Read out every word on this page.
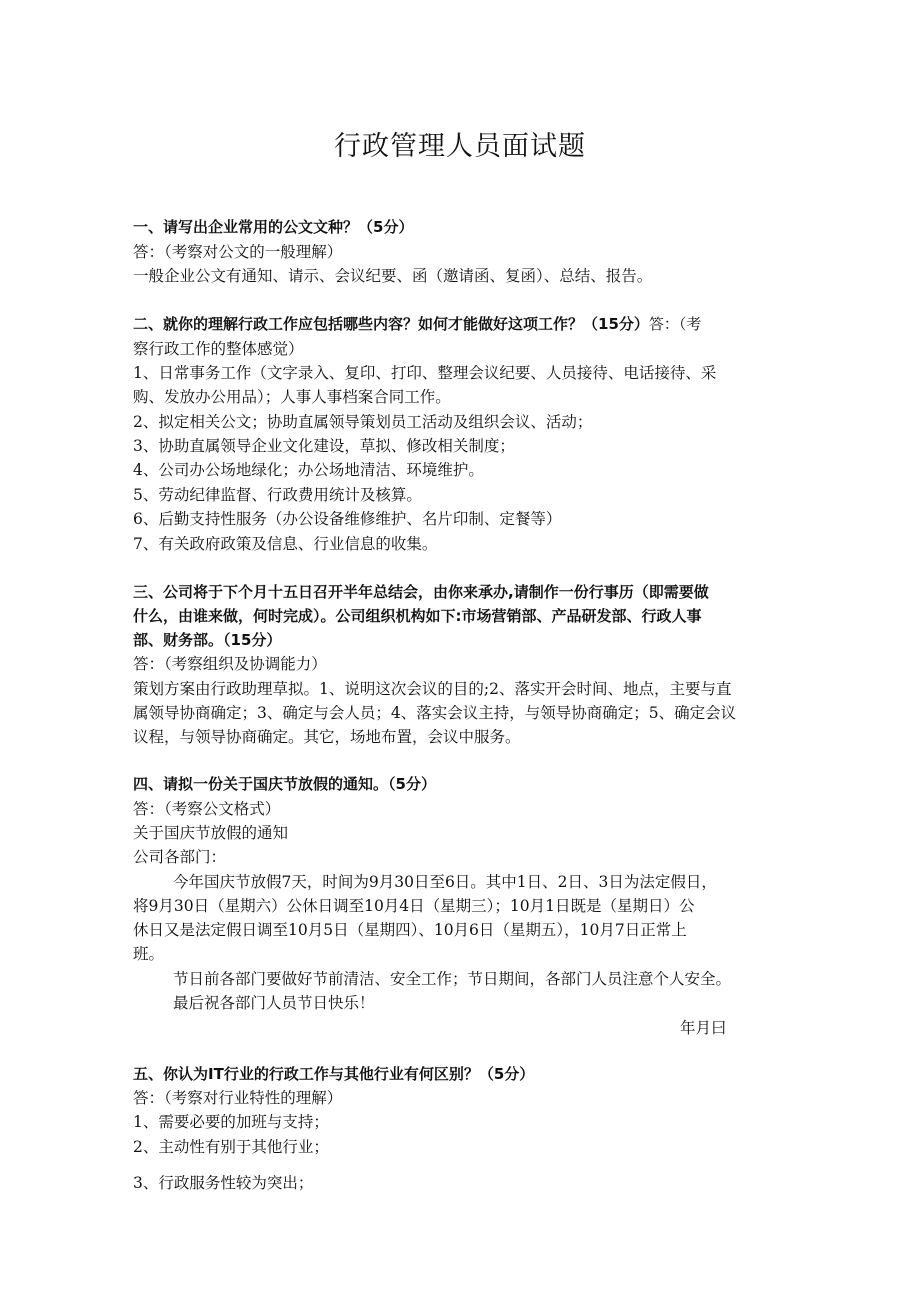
行政管理人员面试题
一、请写出企业常用的公文文种？（5分）
答：（考察对公文的一般理解）
一般企业公文有通知、请示、会议纪要、函（邀请函、复函）、总结、报告。
二、就你的理解行政工作应包括哪些内容？如何才能做好这项工作？（15分）答：（考
察行政工作的整体感觉）
1、日常事务工作（文字录入、复印、打印、整理会议纪要、人员接待、电话接待、采
购、发放办公用品）；人事人事档案合同工作。
2、拟定相关公文；协助直属领导策划员工活动及组织会议、活动；
3、协助直属领导企业文化建设，草拟、修改相关制度；
4、公司办公场地绿化；办公场地清洁、环境维护。
5、劳动纪律监督、行政费用统计及核算。
6、后勤支持性服务（办公设备维修维护、名片印制、定餐等）
7、有关政府政策及信息、行业信息的收集。
三、公司将于下个月十五日召开半年总结会，由你来承办,请制作一份行事历（即需要做
什么，由谁来做，何时完成）。公司组织机构如下:市场营销部、产品研发部、行政人事
部、财务部。（15分）
答：（考察组织及协调能力）
策划方案由行政助理草拟。1、说明这次会议的目的;2、落实开会时间、地点，主要与直
属领导协商确定；3、确定与会人员；4、落实会议主持，与领导协商确定；5、确定会议
议程，与领导协商确定。其它，场地布置，会议中服务。
四、请拟一份关于国庆节放假的通知。（5分）
答：（考察公文格式）
关于国庆节放假的通知
公司各部门：
今年国庆节放假7天，时间为9月30日至6日。其中1日、2日、3日为法定假日，
将9月30日（星期六）公休日调至10月4日（星期三）；10月1日既是（星期日）公
休日又是法定假日调至10月5日（星期四）、10月6日（星期五），10月7日正常上
班。
节日前各部门要做好节前清洁、安全工作；节日期间，各部门人员注意个人安全。
最后祝各部门人员节日快乐！
年月曰
五、你认为IT行业的行政工作与其他行业有何区别？（5分）
答：（考察对行业特性的理解）
1、需要必要的加班与支持；
2、主动性有别于其他行业；
3、行政服务性较为突出；
